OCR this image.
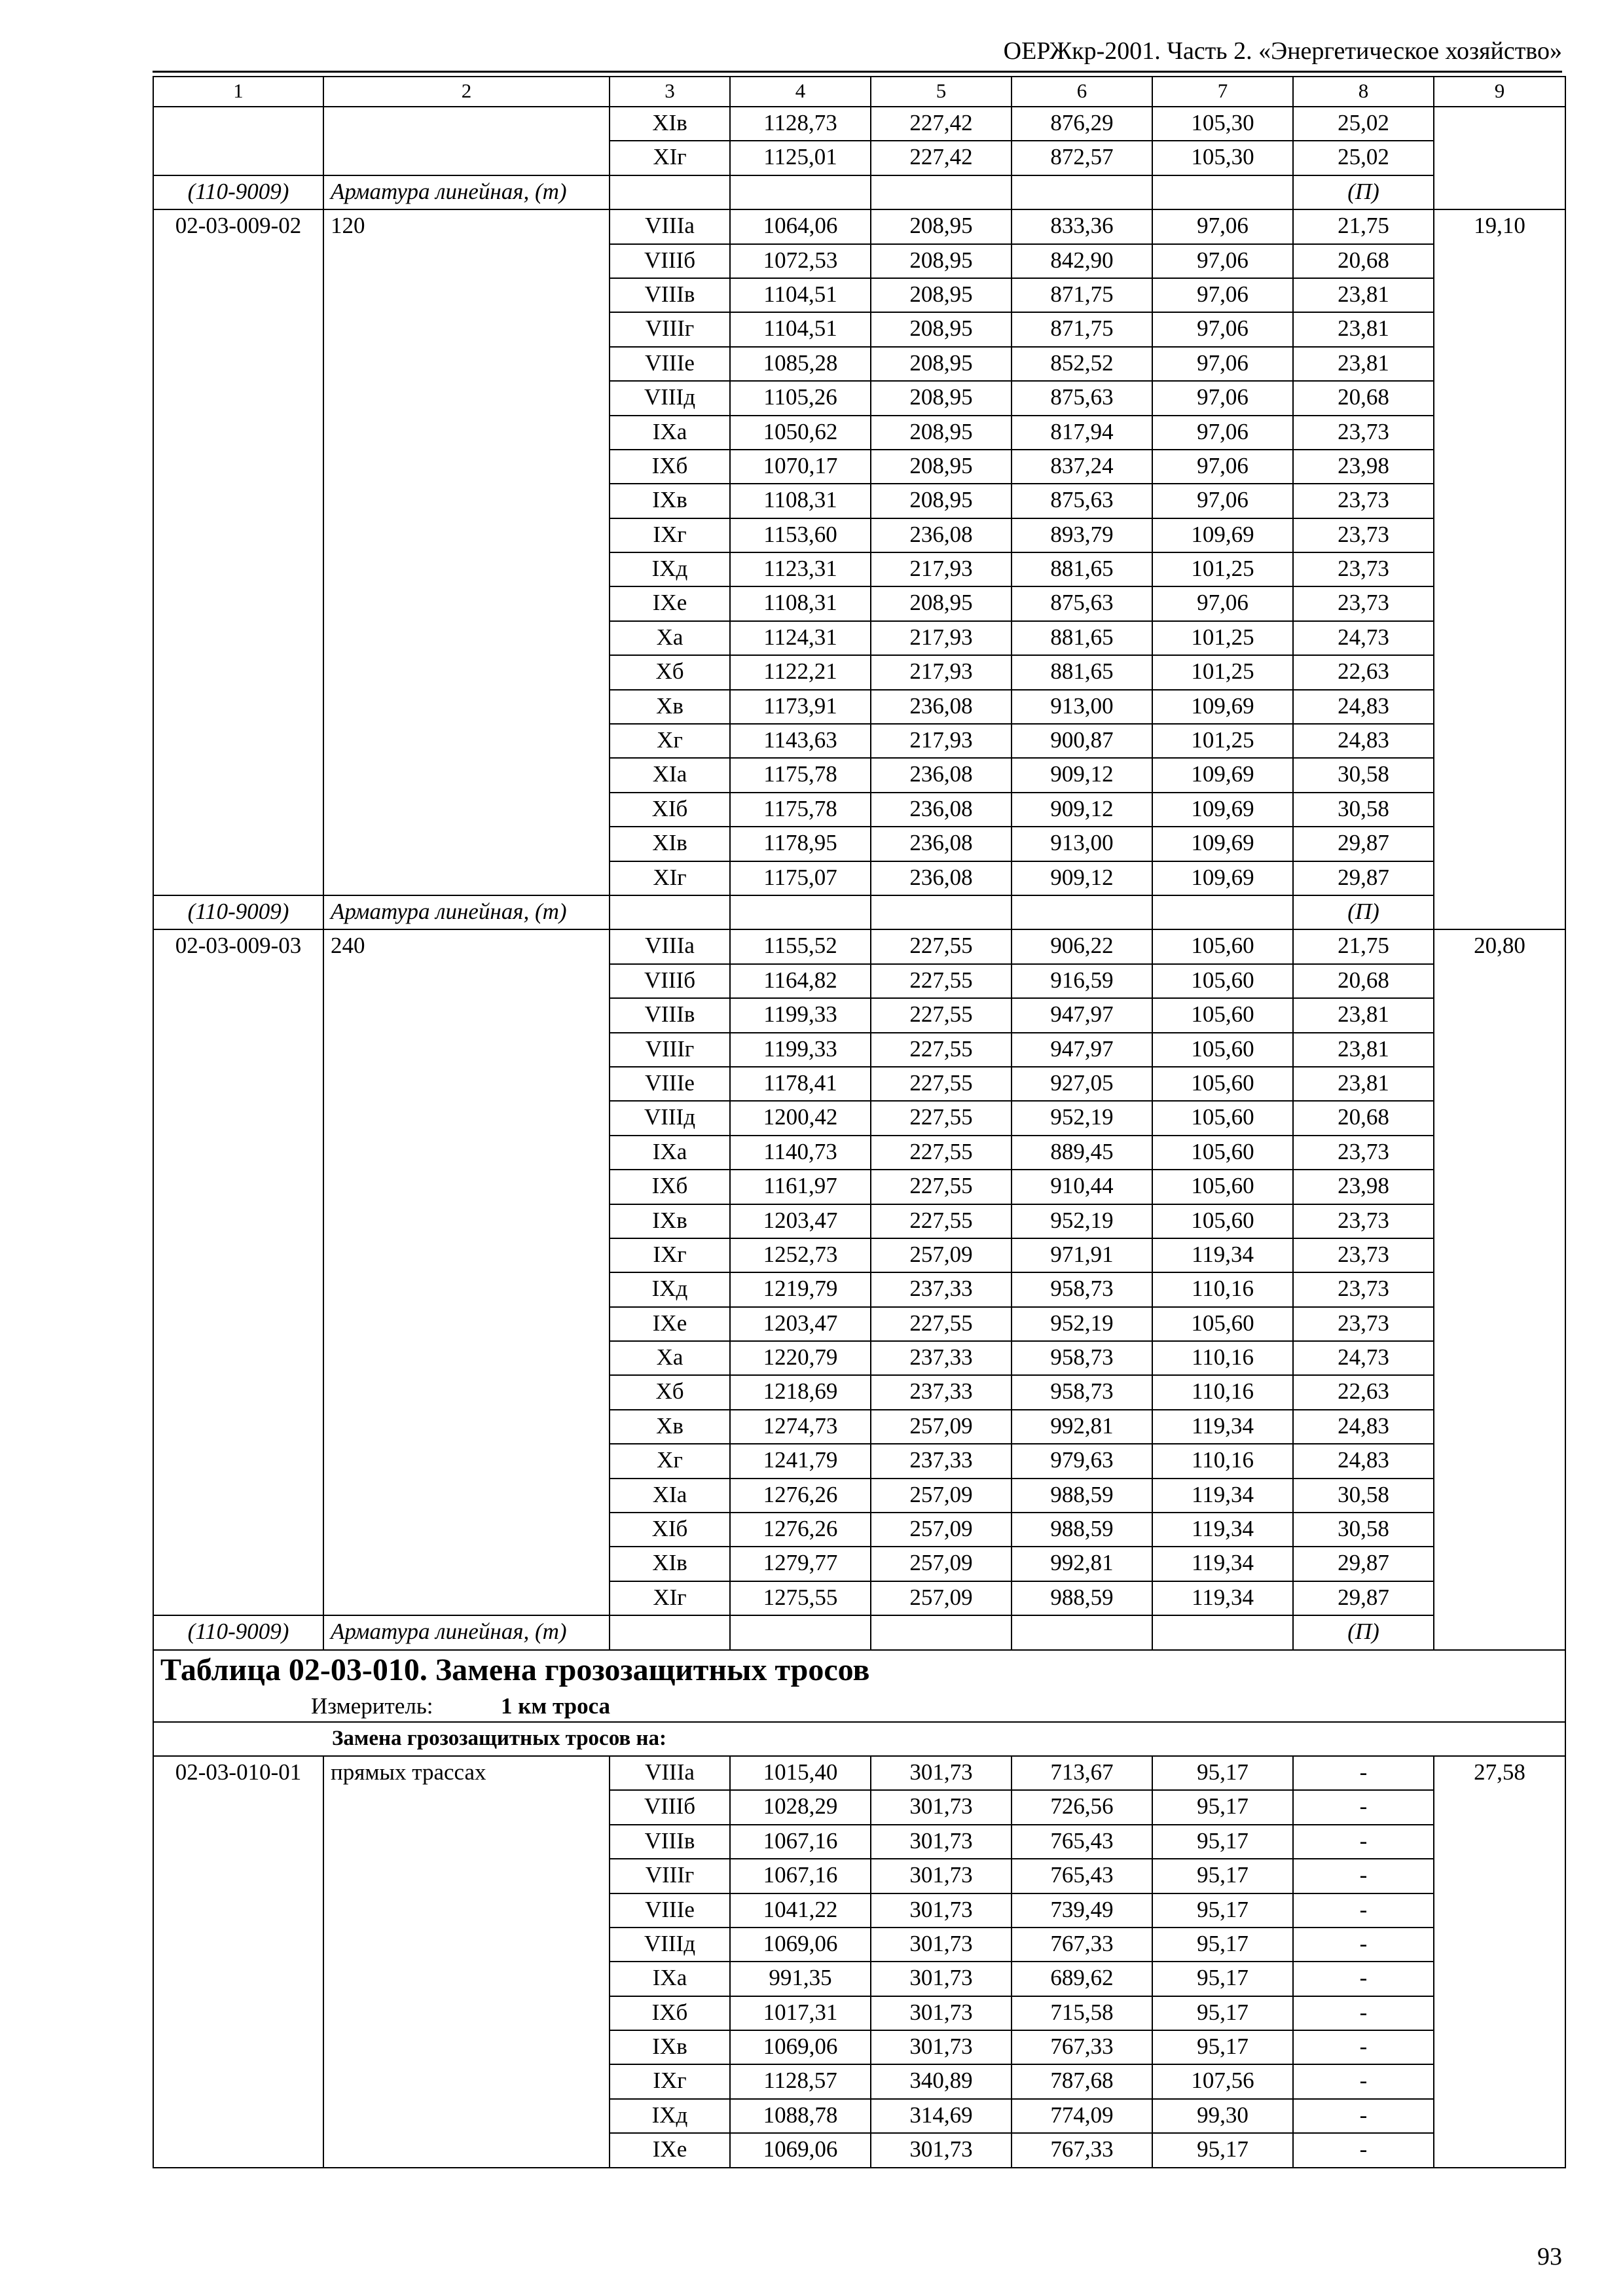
ОЕРЖкр-2001. Часть 2. «Энергетическое хозяйство»
1	2	3	4	5	6	7	8	9
		ХIв	1128,73	227,42	876,29	105,30	25,02	
		ХIг	1125,01	227,42	872,57	105,30	25,02	
(110-9009)	Арматура линейная, (т)						(П)	
02-03-009-02	120	VIIIа	1064,06	208,95	833,36	97,06	21,75	19,10
		VIIIб	1072,53	208,95	842,90	97,06	20,68	
		VIIIв	1104,51	208,95	871,75	97,06	23,81	
		VIIIг	1104,51	208,95	871,75	97,06	23,81	
		VIIIе	1085,28	208,95	852,52	97,06	23,81	
		VIIIд	1105,26	208,95	875,63	97,06	20,68	
		IXа	1050,62	208,95	817,94	97,06	23,73	
		IXб	1070,17	208,95	837,24	97,06	23,98	
		IXв	1108,31	208,95	875,63	97,06	23,73	
		IXг	1153,60	236,08	893,79	109,69	23,73	
		IXд	1123,31	217,93	881,65	101,25	23,73	
		IXе	1108,31	208,95	875,63	97,06	23,73	
		Ха	1124,31	217,93	881,65	101,25	24,73	
		Хб	1122,21	217,93	881,65	101,25	22,63	
		Хв	1173,91	236,08	913,00	109,69	24,83	
		Хг	1143,63	217,93	900,87	101,25	24,83	
		ХIа	1175,78	236,08	909,12	109,69	30,58	
		ХIб	1175,78	236,08	909,12	109,69	30,58	
		ХIв	1178,95	236,08	913,00	109,69	29,87	
		ХIг	1175,07	236,08	909,12	109,69	29,87	
(110-9009)	Арматура линейная, (т)						(П)	
02-03-009-03	240	VIIIа	1155,52	227,55	906,22	105,60	21,75	20,80
		VIIIб	1164,82	227,55	916,59	105,60	20,68	
		VIIIв	1199,33	227,55	947,97	105,60	23,81	
		VIIIг	1199,33	227,55	947,97	105,60	23,81	
		VIIIе	1178,41	227,55	927,05	105,60	23,81	
		VIIIд	1200,42	227,55	952,19	105,60	20,68	
		IXа	1140,73	227,55	889,45	105,60	23,73	
		IXб	1161,97	227,55	910,44	105,60	23,98	
		IXв	1203,47	227,55	952,19	105,60	23,73	
		IXг	1252,73	257,09	971,91	119,34	23,73	
		IXд	1219,79	237,33	958,73	110,16	23,73	
		IXе	1203,47	227,55	952,19	105,60	23,73	
		Ха	1220,79	237,33	958,73	110,16	24,73	
		Хб	1218,69	237,33	958,73	110,16	22,63	
		Хв	1274,73	257,09	992,81	119,34	24,83	
		Хг	1241,79	237,33	979,63	110,16	24,83	
		ХIа	1276,26	257,09	988,59	119,34	30,58	
		ХIб	1276,26	257,09	988,59	119,34	30,58	
		ХIв	1279,77	257,09	992,81	119,34	29,87	
		ХIг	1275,55	257,09	988,59	119,34	29,87	
(110-9009)	Арматура линейная, (т)						(П)	

Таблица 02-03-010. Замена грозозащитных тросов
Измеритель: 1 км троса								

Замена грозозащитных тросов на:								
02-03-010-01	прямых трассах	VIIIа	1015,40	301,73	713,67	95,17	-	27,58
		VIIIб	1028,29	301,73	726,56	95,17	-	
		VIIIв	1067,16	301,73	765,43	95,17	-	
		VIIIг	1067,16	301,73	765,43	95,17	-	
		VIIIе	1041,22	301,73	739,49	95,17	-	
		VIIIд	1069,06	301,73	767,33	95,17	-	
		IXа	991,35	301,73	689,62	95,17	-	
		IXб	1017,31	301,73	715,58	95,17	-	
		IXв	1069,06	301,73	767,33	95,17	-	
		IXг	1128,57	340,89	787,68	107,56	-	
		IXд	1088,78	314,69	774,09	99,30	-	
		IXе	1069,06	301,73	767,33	95,17	-	
93
